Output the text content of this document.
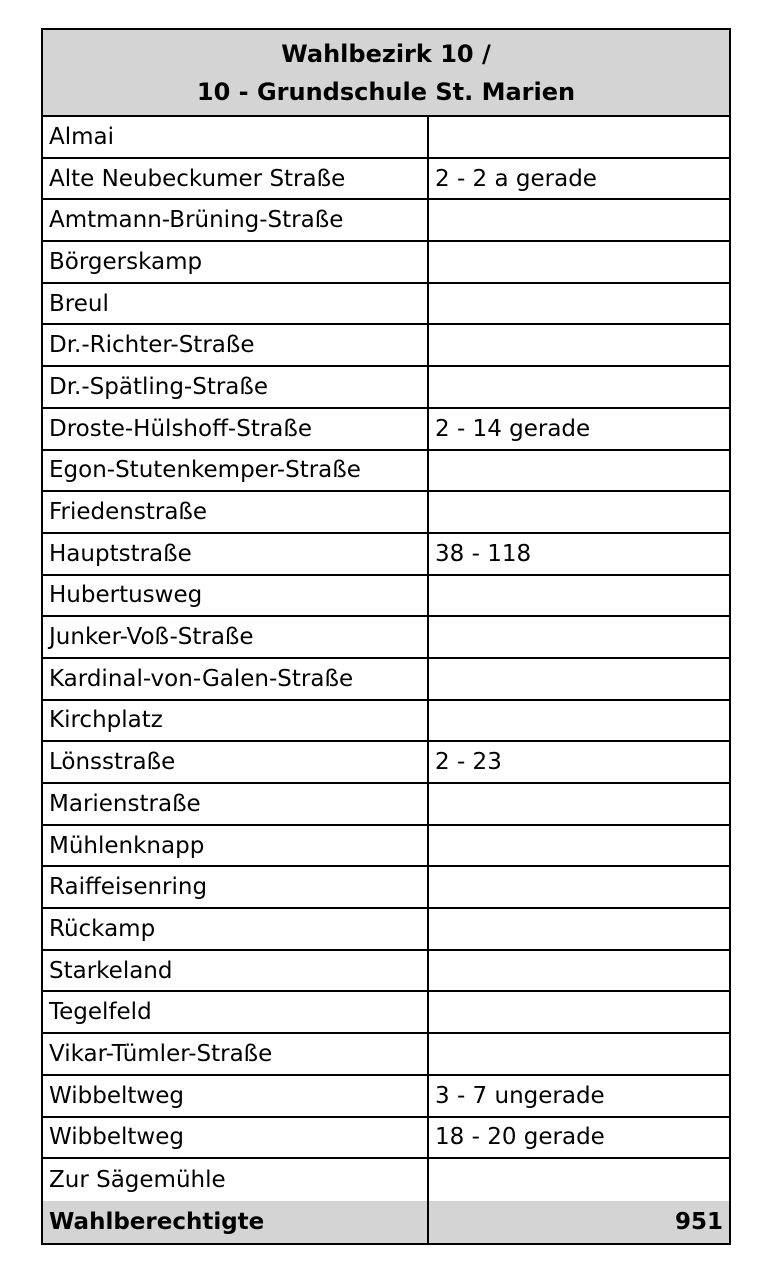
Wahlbezirk 10 /
10 - Grundschule St. Marien
Almai
Alte Neubeckumer Straße	2 - 2 a gerade
Amtmann-Brüning-Straße
Börgerskamp
Breul
Dr.-Richter-Straße
Dr.-Spätling-Straße
Droste-Hülshoff-Straße	2 - 14 gerade
Egon-Stutenkemper-Straße
Friedenstraße
Hauptstraße	38 - 118
Hubertusweg
Junker-Voß-Straße
Kardinal-von-Galen-Straße
Kirchplatz
Lönsstraße	2 - 23
Marienstraße
Mühlenknapp
Raiffeisenring
Rückamp
Starkeland
Tegelfeld
Vikar-Tümler-Straße
Wibbeltweg	3 - 7 ungerade
Wibbeltweg	18 - 20 gerade
Zur Sägemühle
Wahlberechtigte	951
